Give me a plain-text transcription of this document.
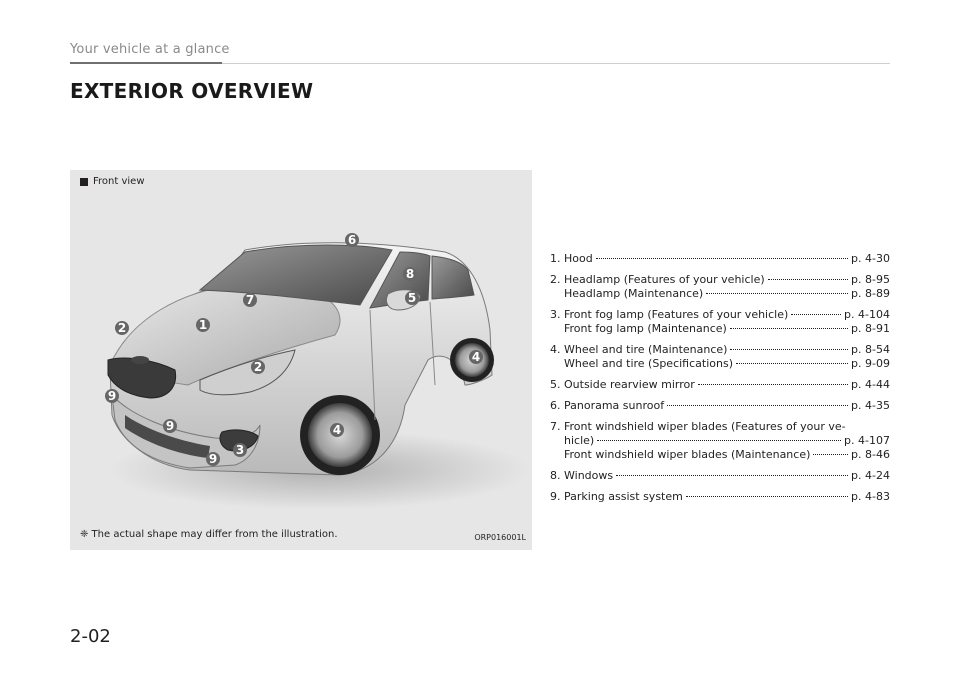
Your vehicle at a glance
EXTERIOR OVERVIEW
Front view
1
2
2
3
4
4
5
6
7
8
9
9
9
❈ The actual shape may differ from the illustration.	ORP016001L
1. Hood	p. 4-30
2. Headlamp (Features of your vehicle)	p. 8-95
Headlamp (Maintenance)	p. 8-89
3. Front fog lamp (Features of your vehicle)	p. 4-104
Front fog lamp (Maintenance)	p. 8-91
4. Wheel and tire (Maintenance)	p. 8-54
Wheel and tire (Specifications)	p. 9-09
5. Outside rearview mirror	p. 4-44
6. Panorama sunroof	p. 4-35
7. Front windshield wiper blades (Features of your ve-
hicle)	p. 4-107
Front windshield wiper blades (Maintenance)	p. 8-46
8. Windows	p. 4-24
9. Parking assist system	p. 4-83
2-02
